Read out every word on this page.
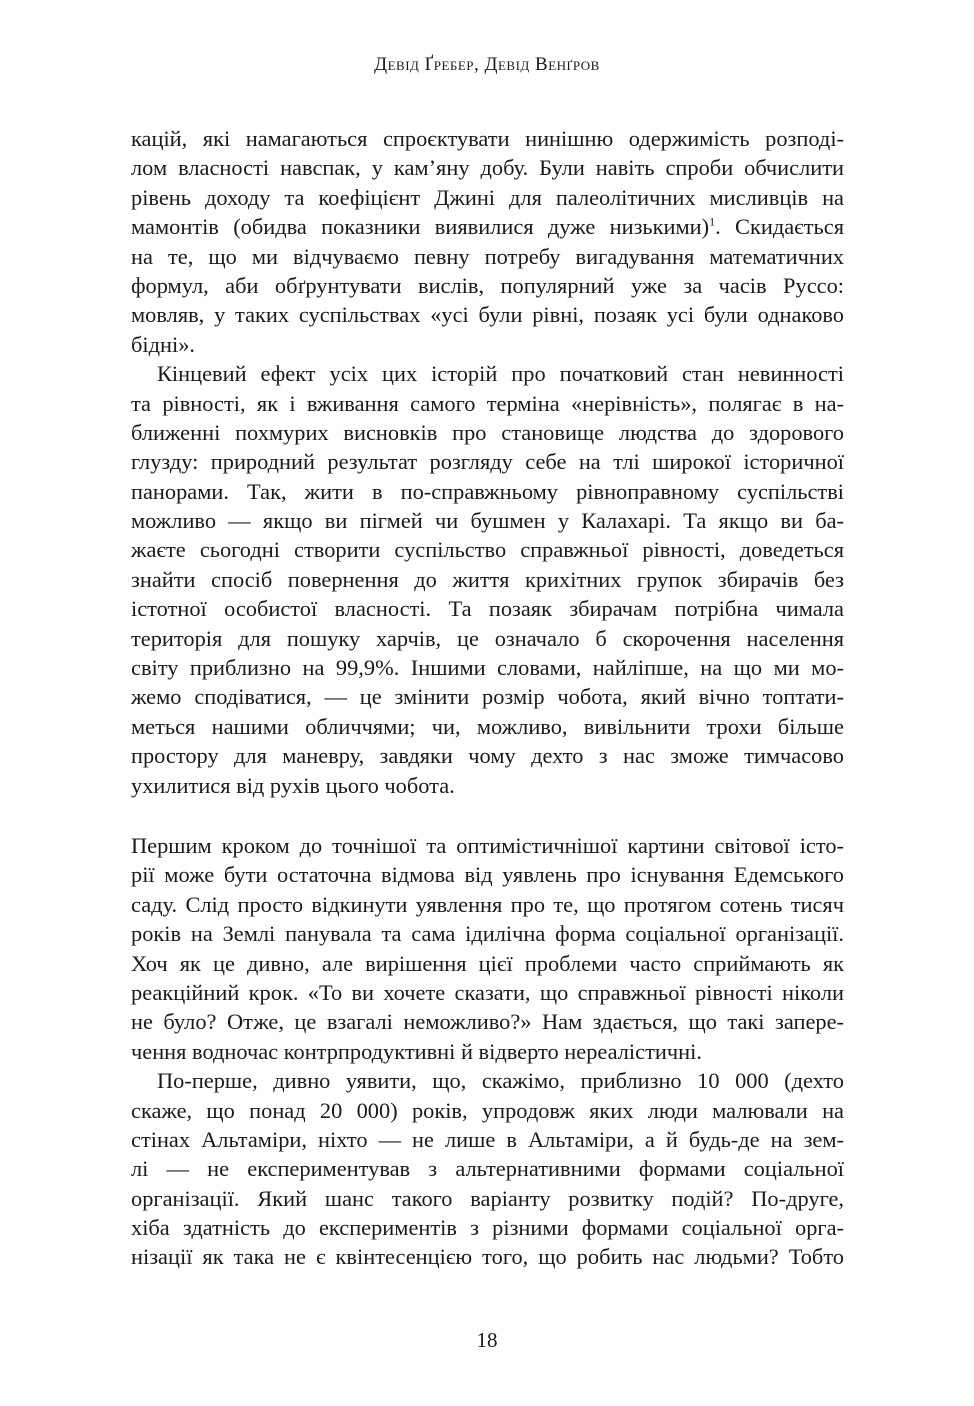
Девід Ґребер, Девід Венґров
кацій, які намагаються спроєктувати нинішню одержимість розподі-
лом власності навспак, у кам’яну добу. Були навіть спроби обчислити
рівень доходу та коефіцієнт Джині для палеолітичних мисливців на
мамонтів (обидва показники виявилися дуже низькими)$^1$. Скидається
на те, що ми відчуваємо певну потребу вигадування математичних
формул, аби обґрунтувати вислів, популярний уже за часів Руссо:
мовляв, у таких суспільствах «усі були рівні, позаяк усі були однаково
бідні».
Кінцевий ефект усіх цих історій про початковий стан невинності
та рівності, як і вживання самого терміна «нерівність», полягає в на-
ближенні похмурих висновків про становище людства до здорового
глузду: природний результат розгляду себе на тлі широкої історичної
панорами. Так, жити в по-справжньому рівноправному суспільстві
можливо — якщо ви пігмей чи бушмен у Калахарі. Та якщо ви ба-
жаєте сьогодні створити суспільство справжньої рівності, доведеться
знайти спосіб повернення до життя крихітних групок збирачів без
істотної особистої власності. Та позаяк збирачам потрібна чимала
територія для пошуку харчів, це означало б скорочення населення
світу приблизно на 99,9%. Іншими словами, найліпше, на що ми мо-
жемо сподіватися, — це змінити розмір чобота, який вічно топтати-
меться нашими обличчями; чи, можливо, вивільнити трохи більше
простору для маневру, завдяки чому дехто з нас зможе тимчасово
ухилитися від рухів цього чобота.
Першим кроком до точнішої та оптимістичнішої картини світової істо-
рії може бути остаточна відмова від уявлень про існування Едемського
саду. Слід просто відкинути уявлення про те, що протягом сотень тисяч
років на Землі панувала та сама ідилічна форма соціальної організації.
Хоч як це дивно, але вирішення цієї проблеми часто сприймають як
реакційний крок. «То ви хочете сказати, що справжньої рівності ніколи
не було? Отже, це взагалі неможливо?» Нам здається, що такі запере-
чення водночас контрпродуктивні й відверто нереалістичні.
По-перше, дивно уявити, що, скажімо, приблизно 10 000 (дехто
скаже, що понад 20 000) років, упродовж яких люди малювали на
стінах Альтаміри, ніхто — не лише в Альтаміри, а й будь-де на зем-
лі — не експериментував з альтернативними формами соціальної
організації. Який шанс такого варіанту розвитку подій? По-друге,
хіба здатність до експериментів з різними формами соціальної орга-
нізації як така не є квінтесенцією того, що робить нас людьми? Тобто
18
